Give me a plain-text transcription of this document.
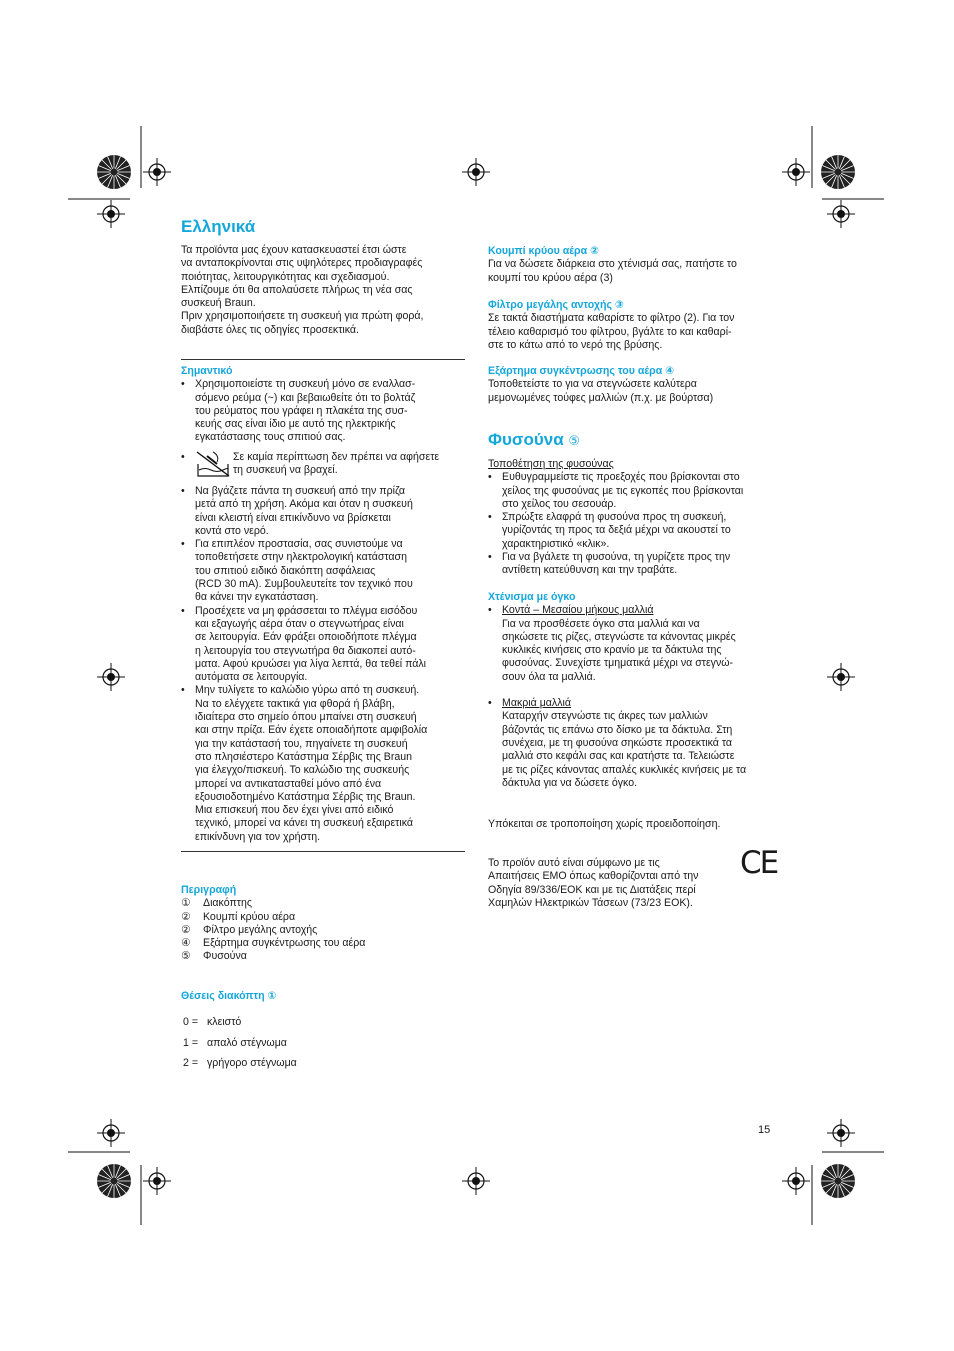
Ελληνικά

Τα προϊόντα μας έχουν κατασκευαστεί έτσι ώστε
να ανταποκρίνονται στις υψηλότερες προδιαγραφές
ποιότητας, λειτουργικότητας και σχεδιασμού.
Ελπίζουμε ότι θα απολαύσετε πλήρως τη νέα σας
συσκευή Braun.
Πριν χρησιμοποιήσετε τη συσκευή για πρώτη φορά,
διαβάστε όλες τις οδηγίες προσεκτικά.

Σημαντικό
• Χρησιμοποιείστε τη συσκευή μόνο σε εναλλασ-
σόμενο ρεύμα (~) και βεβαιωθείτε ότι το βολτάζ
του ρεύματος που γράφει η πλακέτα της συσ-
κευής σας είναι ίδιο με αυτό της ηλεκτρικής
εγκατάστασης τους σπιτιού σας.
•	Σε καμία περίπτωση δεν πρέπει να αφήσετε
τη συσκευή να βραχεί.

• Να βγάζετε πάντα τη συσκευή από την πρίζα
μετά από τη χρήση. Ακόμα και όταν η συσκευή
είναι κλειστή είναι επικίνδυνο να βρίσκεται
κοντά στο νερό.
• Για επιπλέον προστασία, σας συνιστούμε να
τοποθετήσετε στην ηλεκτρολογική κατάσταση
του σπιτιού ειδικό διακόπτη ασφάλειας
(RCD 30 mA). Συμβουλευτείτε τον τεχνικό που
θα κάνει την εγκατάσταση.
• Προσέχετε να μη φράσσεται το πλέγμα εισόδου
και εξαγωγής αέρα όταν ο στεγνωτήρας είναι
σε λειτουργία. Εάν φράξει οποιοδήποτε πλέγμα
η λειτουργία του στεγνωτήρα θα διακοπεί αυτό-
ματα. Αφού κρυώσει για λίγα λεπτά, θα τεθεί πάλι
αυτόματα σε λειτουργία.
• Μην τυλίγετε το καλώδιο γύρω από τη συσκευή.
Να το ελέγχετε τακτικά για φθορά ή βλάβη,
ιδιαίτερα στο σημείο όπου μπαίνει στη συσκευή
και στην πρίζα. Εάν έχετε οποιαδήποτε αμφιβολία
για την κατάστασή του, πηγαίνετε τη συσκευή
στο πλησιέστερο Κατάστημα Σέρβις της Braun
για έλεγχο/πισκευή. Το καλώδιο της συσκευής
μπορεί να αντικατασταθεί μόνο από ένα
εξουσιοδοτημένο Κατάστημα Σέρβις της Braun.
Μια επισκευή που δεν έχει γίνει από ειδικό
τεχνικό, μπορεί να κάνει τη συσκευή εξαιρετικά
επικίνδυνη για τον χρήστη.
Περιγραφή
①	Διακόπτης
②	Κουμπί κρύου αέρα
②	Φίλτρο μεγάλης αντοχής
④	Εξάρτημα συγκέντρωσης του αέρα
⑤	Φυσούνα
Θέσεις διακόπτη ①
0 = κλειστό
1 = απαλό στέγνωμα
2 = γρήγορο στέγνωμα
Κουμπί κρύου αέρα ②

Για να δώσετε διάρκεια στο χτένισμά σας, πατήστε το
κουμπί του κρύου αέρα (3)

Φίλτρο μεγάλης αντοχής ③

Σε τακτά διαστήματα καθαρίστε το φίλτρο (2). Για τον
τέλειο καθαρισμό του φίλτρου, βγάλτε το και καθαρί-
στε το κάτω από το νερό της βρύσης.

Εξάρτημα συγκέντρωσης του αέρα ④

Τοποθετείστε το για να στεγνώσετε καλύτερα
μεμονωμένες τούφες μαλλιών (π.χ. με βούρτσα)

Φυσούνα ⑤
Τοποθέτηση της φυσούνας
• Ευθυγραμμείστε τις προεξοχές που βρίσκονται στο
χείλος της φυσούνας με τις εγκοπές που βρίσκονται
στο χείλος του σεσουάρ.
• Σπρώξτε ελαφρά τη φυσούνα προς τη συσκευή,
γυρίζοντάς τη προς τα δεξιά μέχρι να ακουστεί το
χαρακτηριστικό «κλικ».
• Για να βγάλετε τη φυσούνα, τη γυρίζετε προς την
αντίθετη κατεύθυνση και την τραβάτε.
Χτένισμα με όγκο
• Κοντά – Μεσαίου μήκους μαλλιά

Για να προσθέσετε όγκο στα μαλλιά και να
σηκώσετε τις ρίζες, στεγνώστε τα κάνοντας μικρές
κυκλικές κινήσεις στο κρανίο με τα δάκτυλα της
φυσούνας. Συνεχίστε τμηματικά μέχρι να στεγνώ-
σουν όλα τα μαλλιά.

• Μακριά μαλλιά

Καταρχήν στεγνώστε τις άκρες των μαλλιών
βάζοντάς τις επάνω στο δίσκο με τα δάκτυλα. Στη
συνέχεια, με τη φυσούνα σηκώστε προσεκτικά τα
μαλλιά στο κεφάλι σας και κρατήστε τα. Τελειώστε
με τις ρίζες κάνοντας απαλές κυκλικές κινήσεις με τα
δάκτυλα για να δώσετε όγκο.

Υπόκειται σε τροποποίηση χωρίς προειδοποίηση.

Το προϊόν αυτό είναι σύμφωνο με τις
Απαιτήσεις ΕΜΟ όπως καθορίζονται από την
Οδηγία 89/336/ΕΟΚ και με τις Διατάξεις περί
Χαμηλών Ηλεκτρικών Τάσεων (73/23 ΕΟΚ).

CE
15
